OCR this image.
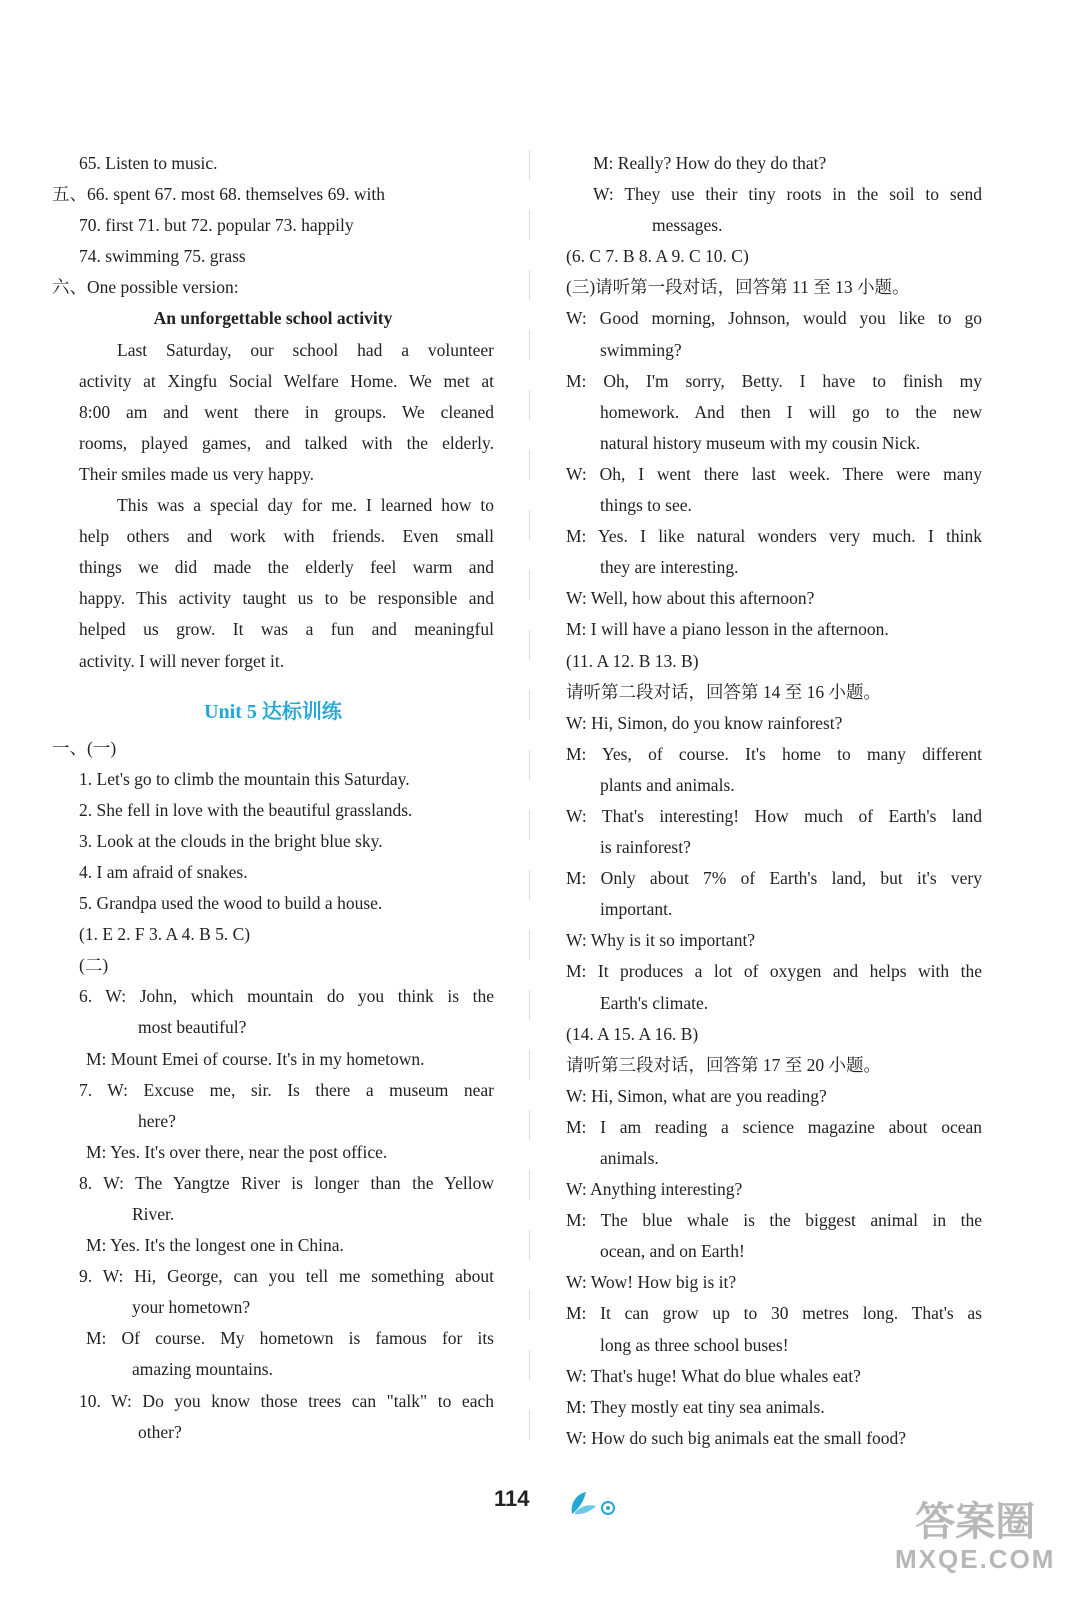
65. Listen to music.
五、66. spent 67. most 68. themselves 69. with
70. first 71. but 72. popular 73. happily
74. swimming 75. grass
六、One possible version:
An unforgettable school activity
Last Saturday, our school had a volunteer
activity at Xingfu Social Welfare Home. We met at
8:00 am and went there in groups. We cleaned
rooms, played games, and talked with the elderly.
Their smiles made us very happy.
This was a special day for me. I learned how to
help others and work with friends. Even small
things we did made the elderly feel warm and
happy. This activity taught us to be responsible and
helped us grow. It was a fun and meaningful
activity. I will never forget it.
Unit 5 达标训练
一、(一)
1. Let's go to climb the mountain this Saturday.
2. She fell in love with the beautiful grasslands.
3. Look at the clouds in the bright blue sky.
4. I am afraid of snakes.
5. Grandpa used the wood to build a house.
(1. E 2. F 3. A 4. B 5. C)
(二)
6. W: John, which mountain do you think is the
most beautiful?
M: Mount Emei of course. It's in my hometown.
7. W: Excuse me, sir. Is there a museum near
here?
M: Yes. It's over there, near the post office.
8. W: The Yangtze River is longer than the Yellow
River.
M: Yes. It's the longest one in China.
9. W: Hi, George, can you tell me something about
your hometown?
M: Of course. My hometown is famous for its
amazing mountains.
10. W: Do you know those trees can "talk" to each
other?
M: Really? How do they do that?
W: They use their tiny roots in the soil to send
messages.
(6. C 7. B 8. A 9. C 10. C)
(三)请听第一段对话，回答第 11 至 13 小题。
W: Good morning, Johnson, would you like to go
swimming?
M: Oh, I'm sorry, Betty. I have to finish my
homework. And then I will go to the new
natural history museum with my cousin Nick.
W: Oh, I went there last week. There were many
things to see.
M: Yes. I like natural wonders very much. I think
they are interesting.
W: Well, how about this afternoon?
M: I will have a piano lesson in the afternoon.
(11. A 12. B 13. B)
请听第二段对话，回答第 14 至 16 小题。
W: Hi, Simon, do you know rainforest?
M: Yes, of course. It's home to many different
plants and animals.
W: That's interesting! How much of Earth's land
is rainforest?
M: Only about 7% of Earth's land, but it's very
important.
W: Why is it so important?
M: It produces a lot of oxygen and helps with the
Earth's climate.
(14. A 15. A 16. B)
请听第三段对话，回答第 17 至 20 小题。
W: Hi, Simon, what are you reading?
M: I am reading a science magazine about ocean
animals.
W: Anything interesting?
M: The blue whale is the biggest animal in the
ocean, and on Earth!
W: Wow! How big is it?
M: It can grow up to 30 metres long. That's as
long as three school buses!
W: That's huge! What do blue whales eat?
M: They mostly eat tiny sea animals.
W: How do such big animals eat the small food?
114
答案圈
MXQE.COM
